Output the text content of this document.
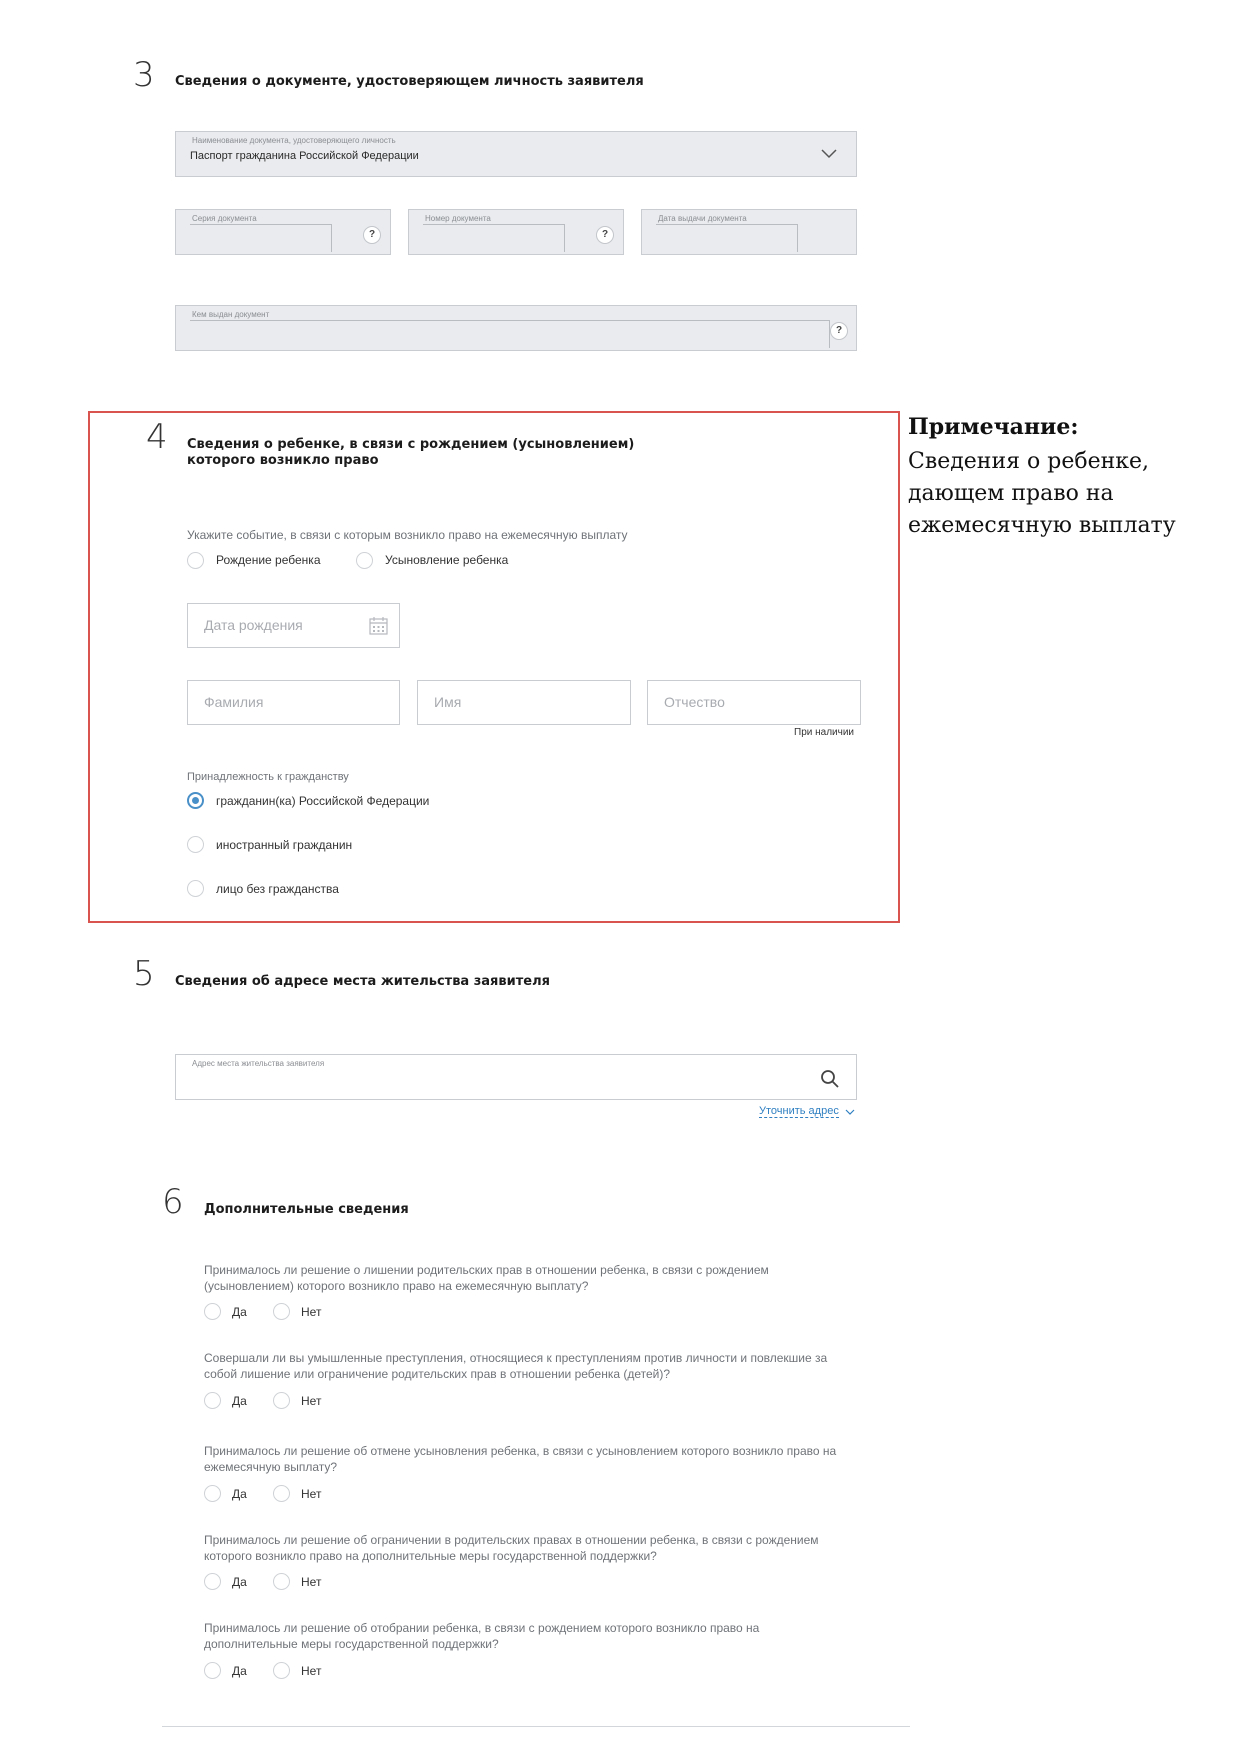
3 Сведения о документе, удостоверяющем личность заявителя
Наименование документа, удостоверяющего личность
Паспорт гражданина Российской Федерации
Серия документа
?
Номер документа
?
Дата выдачи документа
Кем выдан документ
?
4 Сведения о ребенке, в связи с рождением (усыновлением)
которого возникло право
Укажите событие, в связи с которым возникло право на ежемесячную выплату
Рождение ребенка	Усыновление ребенка
Дата рождения
Фамилия	Имя	Отчество
При наличии
Принадлежность к гражданству
гражданин(ка) Российской Федерации
иностранный гражданин
лицо без гражданства
Примечание:
Сведения о ребенке, дающем право на ежемесячную выплату
5 Сведения об адресе места жительства заявителя
Адрес места жительства заявителя
Уточнить адрес
6 Дополнительные сведения
Принималось ли решение о лишении родительских прав в отношении ребенка, в связи с рождением (усыновлением) которого возникло право на ежемесячную выплату?
Да	Нет
Совершали ли вы умышленные преступления, относящиеся к преступлениям против личности и повлекшие за собой лишение или ограничение родительских прав в отношении ребенка (детей)?
Да	Нет
Принималось ли решение об отмене усыновления ребенка, в связи с усыновлением которого возникло право на ежемесячную выплату?
Да	Нет
Принималось ли решение об ограничении в родительских правах в отношении ребенка, в связи с рождением которого возникло право на дополнительные меры государственной поддержки?
Да	Нет
Принималось ли решение об отобрании ребенка, в связи с рождением которого возникло право на дополнительные меры государственной поддержки?
Да	Нет
